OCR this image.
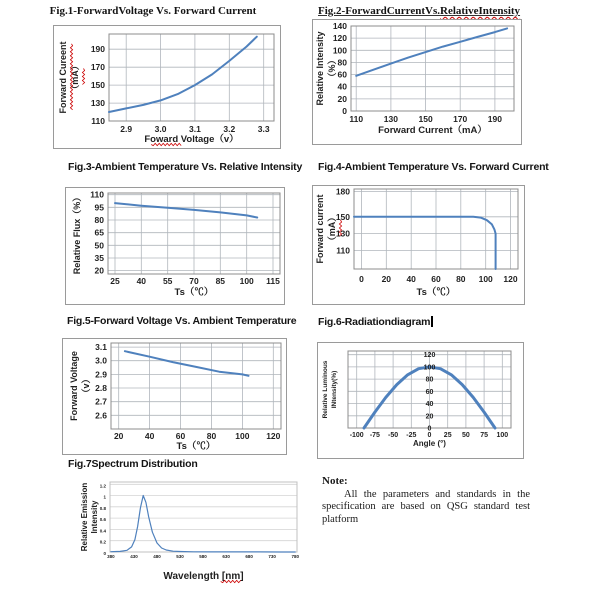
Fig.1-ForwardVoltage Vs. Forward Current	Fig.2-ForwardCurrentVs.RelativeIntensity
Fig.3-Ambient Temperature Vs. Relative Intensity Fig.4-Ambient Temperature Vs. Forward Current
Fig.5-Forward Voltage Vs. Ambient Temperature Fig.6-Radiationdiagram
Fig.7Spectrum Distribution
110
130
150
170
190
2.9	3.0	3.1	3.2	3.3
Foward Voltage（v）
Forward Cureent （mA）
0
20
40
60
80
100
120
140
110 130 150 170 190
Forward Current（mA）
Relative Intensity （%）
20
35
50
65
80
95
110
25 40 55 70 85 100 115
Ts（℃）
Relative Flux（%）	110
130
150
180
0 20 40 60 80 100 120
Ts（℃）
Forward current （mA）
2.6
2.7
2.8
2.9
3.0
3.1
20	40	60	80 100 120
Ts（℃）
Forward Voltage （v）
0
20
40
60
80
100
120
-100 -75 -50 -25 0 25 50 75 100
Angle (°)
Relative Luminous INtensity(%)
0
0.2
0.4
0.6
0.8
1
1.2
380	430	480	530	580	630	680	730	780
Wavelength [nm]
Relative Emission Intensity
Note:

All the parameters and standards in the specification are based on QSG standard test platform
